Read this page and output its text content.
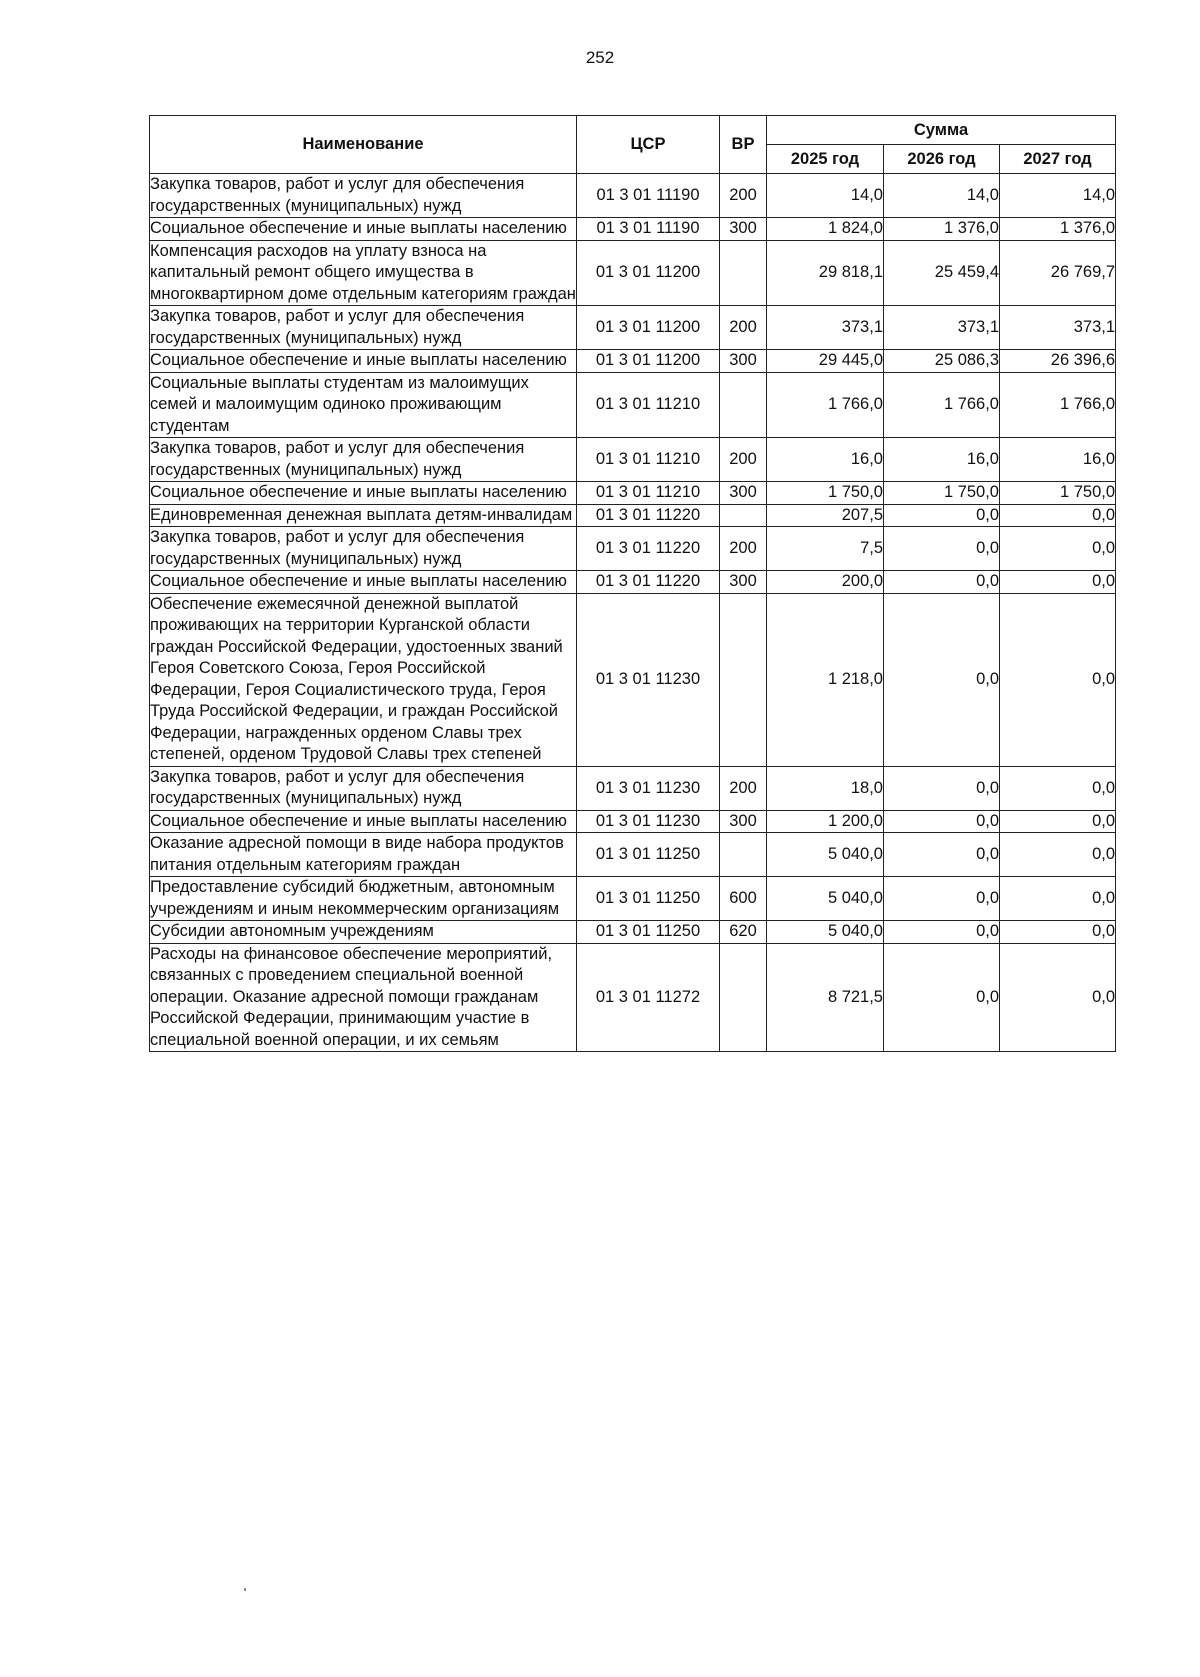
252
Наименование	ЦСР	ВР	Сумма		
			2025 год	2026 год	2027 год
Закупка товаров, работ и услуг для обеспечения государственных (муниципальных) нужд	01 3 01 11190	200	14,0	14,0	14,0
Социальное обеспечение и иные выплаты населению	01 3 01 11190	300	1 824,0	1 376,0	1 376,0
Компенсация расходов на уплату взноса на капитальный ремонт общего имущества в многоквартирном доме отдельным категориям граждан	01 3 01 11200		29 818,1	25 459,4	26 769,7
Закупка товаров, работ и услуг для обеспечения государственных (муниципальных) нужд	01 3 01 11200	200	373,1	373,1	373,1
Социальное обеспечение и иные выплаты населению	01 3 01 11200	300	29 445,0	25 086,3	26 396,6
Социальные выплаты студентам из малоимущих семей и малоимущим одиноко проживающим студентам	01 3 01 11210		1 766,0	1 766,0	1 766,0
Закупка товаров, работ и услуг для обеспечения государственных (муниципальных) нужд	01 3 01 11210	200	16,0	16,0	16,0
Социальное обеспечение и иные выплаты населению	01 3 01 11210	300	1 750,0	1 750,0	1 750,0
Единовременная денежная выплата детям-инвалидам	01 3 01 11220		207,5	0,0	0,0
Закупка товаров, работ и услуг для обеспечения государственных (муниципальных) нужд	01 3 01 11220	200	7,5	0,0	0,0
Социальное обеспечение и иные выплаты населению	01 3 01 11220	300	200,0	0,0	0,0
Обеспечение ежемесячной денежной выплатой проживающих на территории Курганской области граждан Российской Федерации, удостоенных званий Героя Советского Союза, Героя Российской Федерации, Героя Социалистического труда, Героя Труда Российской Федерации, и граждан Российской Федерации, награжденных орденом Славы трех степеней, орденом Трудовой Славы трех степеней	01 3 01 11230		1 218,0	0,0	0,0
Закупка товаров, работ и услуг для обеспечения государственных (муниципальных) нужд	01 3 01 11230	200	18,0	0,0	0,0
Социальное обеспечение и иные выплаты населению	01 3 01 11230	300	1 200,0	0,0	0,0
Оказание адресной помощи в виде набора продуктов питания отдельным категориям граждан	01 3 01 11250		5 040,0	0,0	0,0
Предоставление субсидий бюджетным, автономным учреждениям и иным некоммерческим организациям	01 3 01 11250	600	5 040,0	0,0	0,0
Субсидии автономным учреждениям	01 3 01 11250	620	5 040,0	0,0	0,0
Расходы на финансовое обеспечение мероприятий, связанных с проведением специальной военной операции. Оказание адресной помощи гражданам Российской Федерации, принимающим участие в специальной военной операции, и их семьям	01 3 01 11272		8 721,5	0,0	0,0
